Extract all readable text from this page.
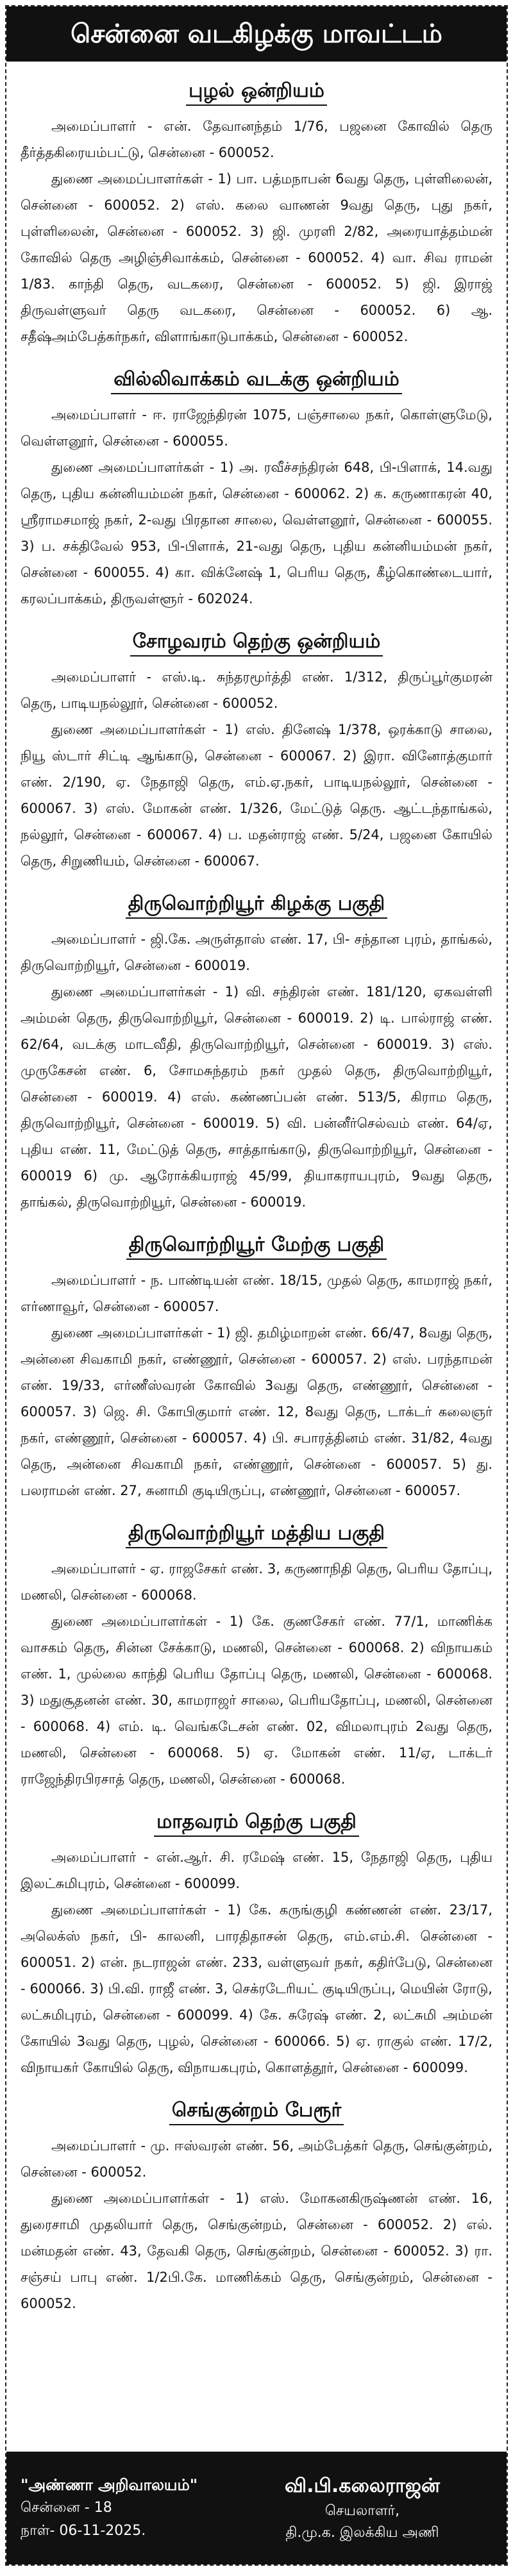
சென்னை வடகிழக்கு மாவட்டம்
புழல் ஒன்றியம்

அமைப்பாளர் - என். தேவானந்தம் 1/76, பஜனை கோவில் தெரு தீர்த்தகிரையம்பட்டு, சென்னை - 600052.

துணை அமைப்பாளர்கள் - 1) பா. பத்மநாபன் 6வது தெரு, புள்ளிலைன், சென்னை - 600052. 2) எஸ். கலை வாணன் 9வது தெரு, புது நகர், புள்ளிலைன், சென்னை - 600052. 3) ஜி. முரளி 2/82, அரையாத்தம்மன் கோவில் தெரு அழிஞ்சிவாக்கம், சென்னை - 600052. 4) வா. சிவ ராமன் 1/83. காந்தி தெரு, வடகரை, சென்னை - 600052. 5) ஜி. இராஜ் திருவள்ளுவர் தெரு வடகரை, சென்னை - 600052. 6) ஆ. சதீஷ்அம்பேத்கர்நகர், விளாங்காடுபாக்கம், சென்னை - 600052.

வில்லிவாக்கம் வடக்கு ஒன்றியம்

அமைப்பாளர் - ஈ. ராஜேந்திரன் 1075, பஞ்சாலை நகர், கொள்ளுமேடு, வெள்ளனூர், சென்னை - 600055.

துணை அமைப்பாளர்கள் - 1) அ. ரவீச்சந்திரன் 648, பி-பிளாக், 14.வது தெரு, புதிய கன்னியம்மன் நகர், சென்னை - 600062. 2) க. கருணாகரன் 40, ஸ்ரீராமசமாஜ் நகர், 2-வது பிரதான சாலை, வெள்ளனூர், சென்னை - 600055. 3) ப. சக்திவேல் 953, பி-பிளாக், 21-வது தெரு, புதிய கன்னியம்மன் நகர், சென்னை - 600055. 4) கா. விக்னேஷ் 1, பெரிய தெரு, கீழ்கொண்டையார், கரலப்பாக்கம், திருவள்ளூர் - 602024.

சோழவரம் தெற்கு ஒன்றியம்

அமைப்பாளர் - எஸ்.டி. சுந்தரமூர்த்தி எண். 1/312, திருப்பூர்குமரன் தெரு, பாடியநல்லூர், சென்னை - 600052.

துணை அமைப்பாளர்கள் - 1) எஸ். தினேஷ் 1/378, ஒரக்காடு சாலை, நியூ ஸ்டார் சிட்டி ஆங்காடு, சென்னை - 600067. 2) இரா. வினோத்குமார் எண். 2/190, ஏ. நேதாஜி தெரு, எம்.ஏ.நகர், பாடியநல்லூர், சென்னை - 600067. 3) எஸ். மோகன் எண். 1/326, மேட்டுத் தெரு. ஆட்டந்தாங்கல், நல்லூர், சென்னை - 600067. 4) ப. மதன்ராஜ் எண். 5/24, பஜனை கோயில் தெரு, சிறுணியம், சென்னை - 600067.

திருவொற்றியூர் கிழக்கு பகுதி

அமைப்பாளர் - ஜி.கே. அருள்தாஸ் எண். 17, பி- சந்தான புரம், தாங்கல், திருவொற்றியூர், சென்னை - 600019.

துணை அமைப்பாளர்கள் - 1) வி. சந்திரன் எண். 181/120, ஏகவள்ளி அம்மன் தெரு, திருவொற்றியூர், சென்னை - 600019. 2) டி. பால்ராஜ் எண். 62/64, வடக்கு மாடவீதி, திருவொற்றியூர், சென்னை - 600019. 3) எஸ். முருகேசன் எண். 6, சோமசுந்தரம் நகர் முதல் தெரு, திருவொற்றியூர், சென்னை - 600019. 4) எஸ். கண்ணப்பன் எண். 513/5, கிராம தெரு, திருவொற்றியூர், சென்னை - 600019. 5) வி. பன்னீர்செல்வம் எண். 64/ஏ, புதிய எண். 11, மேட்டுத் தெரு, சாத்தாங்காடு, திருவொற்றியூர், சென்னை - 600019 6) மு. ஆரோக்கியராஜ் 45/99, தியாகராயபுரம், 9வது தெரு, தாங்கல், திருவொற்றியூர், சென்னை - 600019.

திருவொற்றியூர் மேற்கு பகுதி

அமைப்பாளர் - ந. பாண்டியன் எண். 18/15, முதல் தெரு, காமராஜ் நகர், எர்ணாவூர், சென்னை - 600057.

துணை அமைப்பாளர்கள் - 1) ஜி. தமிழ்மாறன் எண். 66/47, 8வது தெரு, அன்னை சிவகாமி நகர், எண்ணூர், சென்னை - 600057. 2) எஸ். பரந்தாமன் எண். 19/33, எர்ணீஸ்வரன் கோவில் 3வது தெரு, எண்ணூர், சென்னை - 600057. 3) ஜெ. சி. கோபிகுமார் எண். 12, 8வது தெரு, டாக்டர் கலைஞர் நகர், எண்ணூர், சென்னை - 600057. 4) பி. சபாரத்தினம் எண். 31/82, 4வது தெரு, அன்னை சிவகாமி நகர், எண்ணூர், சென்னை - 600057. 5) து. பலராமன் எண். 27, சுனாமி குடியிருப்பு, எண்ணூர், சென்னை - 600057.

திருவொற்றியூர் மத்திய பகுதி

அமைப்பாளர் - ஏ. ராஜசேகர் எண். 3, கருணாநிதி தெரு, பெரிய தோப்பு, மணலி, சென்னை - 600068.

துணை அமைப்பாளர்கள் - 1) கே. குணசேகர் எண். 77/1, மாணிக்க வாசகம் தெரு, சின்ன சேக்காடு, மணலி, சென்னை - 600068. 2) விநாயகம் எண். 1, முல்லை காந்தி பெரிய தோப்பு தெரு, மணலி, சென்னை - 600068. 3) மதுசூதனன் எண். 30, காமராஜர் சாலை, பெரியதோப்பு, மணலி, சென்னை - 600068. 4) எம். டி. வெங்கடேசன் எண். 02, விமலாபுரம் 2வது தெரு, மணலி, சென்னை - 600068. 5) ஏ. மோகன் எண். 11/ஏ, டாக்டர் ராஜேந்திரபிரசாத் தெரு, மணலி, சென்னை - 600068.

மாதவரம் தெற்கு பகுதி

அமைப்பாளர் - என்.ஆர். சி. ரமேஷ் எண். 15, நேதாஜி தெரு, புதிய இலட்சுமிபுரம், சென்னை - 600099.

துணை அமைப்பாளர்கள் - 1) கே. கருங்குழி கண்ணன் எண். 23/17, அலெக்ஸ் நகர், பி- காலனி, பாரதிதாசன் தெரு, எம்.எம்.சி. சென்னை - 600051. 2) என். நடராஜன் எண். 233, வள்ளுவர் நகர், கதிர்பேடு, சென்னை - 600066. 3) பி.வி. ராஜீ எண். 3, செக்ரடேரியட் குடியிருப்பு, மெயின் ரோடு, லட்சுமிபுரம், சென்னை - 600099. 4) கே. சுரேஷ் எண். 2, லட்சுமி அம்மன் கோயில் 3வது தெரு, புழல், சென்னை - 600066. 5) ஏ. ராகுல் எண். 17/2, விநாயகர் கோயில் தெரு, விநாயகபுரம், கொளத்தூர், சென்னை - 600099.

செங்குன்றம் பேரூர்

அமைப்பாளர் - மு. ஈஸ்வரன் எண். 56, அம்பேத்கர் தெரு, செங்குன்றம், சென்னை - 600052.

துணை அமைப்பாளர்கள் - 1) எஸ். மோகனகிருஷ்ணன் எண். 16, துரைசாமி முதலியார் தெரு, செங்குன்றம், சென்னை - 600052. 2) எல். மன்மதன் எண். 43, தேவகி தெரு, செங்குன்றம், சென்னை - 600052. 3) ரா. சஞ்சய் பாபு எண். 1/2பி.கே. மாணிக்கம் தெரு, செங்குன்றம், சென்னை - 600052.

"அண்ணா அறிவாலயம்"
சென்னை - 18
நாள்- 06-11-2025.
வி.பி.கலைராஜன்
செயலாளர்,
தி.மு.க. இலக்கிய அணி
